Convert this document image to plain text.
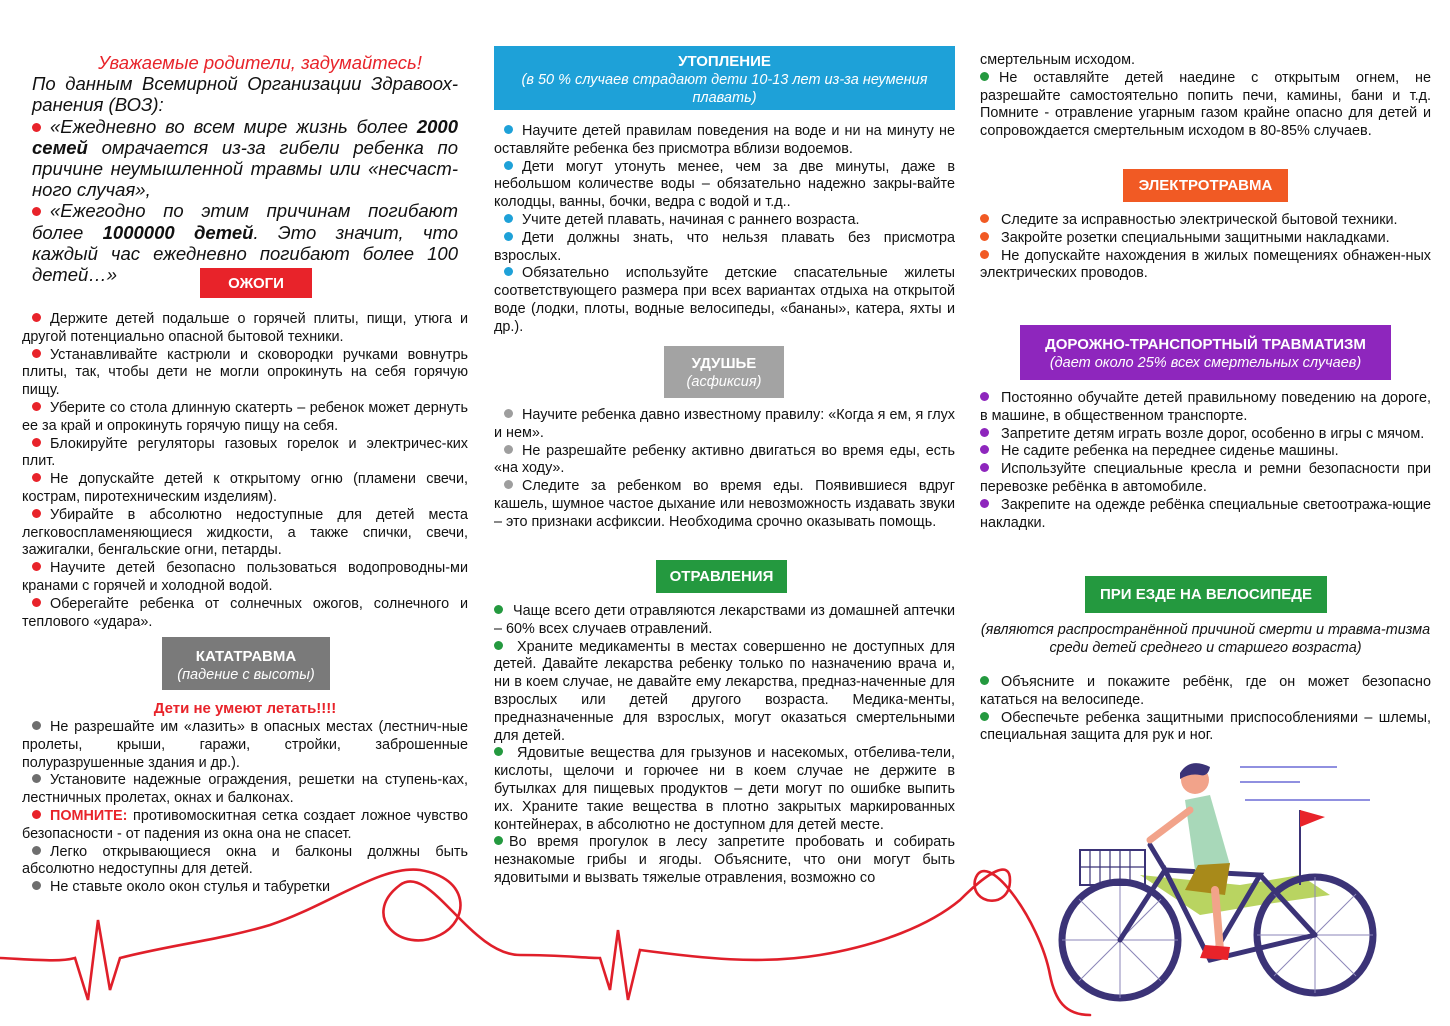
Уважаемые родители, задумайтесь!

По данным Всемирной Организации Здравоох-ранения (ВОЗ):

«Ежедневно во всем мире жизнь более 2000 семей омрачается из-за гибели ребенка по причине неумышленной травмы или «несчаст-ного случая»,

«Ежегодно по этим причинам погибают более 1000000 детей. Это значит, что каждый час ежедневно погибают более 100 детей…»	ОЖОГИ

Держите детей подальше о горячей плиты, пищи, утюга и другой потенциально опасной бытовой техники.

Устанавливайте кастрюли и сковородки ручками вовнутрь плиты, так, чтобы дети не могли опрокинуть на себя горячую пищу.

Уберите со стола длинную скатерть – ребенок может дернуть ее за край и опрокинуть горячую пищу на себя.

Блокируйте регуляторы газовых горелок и электричес-ких плит.

Не допускайте детей к открытому огню (пламени свечи, кострам, пиротехническим изделиям).

Убирайте в абсолютно недоступные для детей места легковоспламеняющиеся жидкости, а также спички, свечи, зажигалки, бенгальские огни, петарды.

Научите детей безопасно пользоваться водопроводны-ми кранами с горячей и холодной водой.

Оберегайте ребенка от солнечных ожогов, солнечного и теплового «удара».

КАТАТРАВМА
(падение с высоты)
Дети не умеют летать!!!!

Не разрешайте им «лазить» в опасных местах (лестнич-ные пролеты, крыши, гаражи, стройки, заброшенные полуразрушенные здания и др.).

Установите надежные ограждения, решетки на ступень-ках, лестничных пролетах, окнах и балконах.

ПОМНИТЕ: противомоскитная сетка создает ложное чувство безопасности - от падения из окна она не спасет.

Легко открывающиеся окна и балконы должны быть абсолютно недоступны для детей.

Не ставьте около окон стулья и табуретки

УТОПЛЕНИЕ
(в 50 % случаев страдают дети 10-13 лет из-за неумения плавать)

Научите детей правилам поведения на воде и ни на минуту не оставляйте ребенка без присмотра вблизи водоемов.

Дети могут утонуть менее, чем за две минуты, даже в небольшом количестве воды – обязательно надежно закры-вайте колодцы, ванны, бочки, ведра с водой и т.д..

Учите детей плавать, начиная с раннего возраста.

Дети должны знать, что нельзя плавать без присмотра взрослых.

Обязательно используйте детские спасательные жилеты соответствующего размера при всех вариантах отдыха на открытой воде (лодки, плоты, водные велосипеды, «бананы», катера, яхты и др.).

УДУШЬЕ
(асфиксия)

Научите ребенка давно известному правилу: «Когда я ем, я глух и нем».

Не разрешайте ребенку активно двигаться во время еды, есть «на ходу».

Следите за ребенком во время еды. Появившиеся вдруг кашель, шумное частое дыхание или невозможность издавать звуки – это признаки асфиксии. Необходима срочно оказывать помощь.

ОТРАВЛЕНИЯ

Чаще всего дети отравляются лекарствами из домашней аптечки – 60% всех случаев отравлений.

Храните медикаменты в местах совершенно не доступных для детей. Давайте лекарства ребенку только по назначению врача и, ни в коем случае, не давайте ему лекарства, предназ-наченные для взрослых или детей другого возраста. Медика-менты, предназначенные для взрослых, могут оказаться смертельными для детей.

Ядовитые вещества для грызунов и насекомых, отбелива-тели, кислоты, щелочи и горючее ни в коем случае не держите в бутылках для пищевых продуктов – дети могут по ошибке выпить их. Храните такие вещества в плотно закрытых маркированных контейнерах, в абсолютно не доступном для детей месте.

Во время прогулок в лесу запретите пробовать и собирать незнакомые грибы и ягоды. Объясните, что они могут быть ядовитыми и вызвать тяжелые отравления, возможно со

смертельным исходом.

Не оставляйте детей наедине с открытым огнем, не разрешайте самостоятельно попить печи, камины, бани и т.д. Помните - отравление угарным газом крайне опасно для детей и сопровождается смертельным исходом в 80-85% случаев.

ЭЛЕКТРОТРАВМА

Следите за исправностью электрической бытовой техники.

Закройте розетки специальными защитными накладками.

Не допускайте нахождения в жилых помещениях обнажен-ных электрических проводов.

ДОРОЖНО-ТРАНСПОРТНЫЙ ТРАВМАТИЗМ
(дает около 25% всех смертельных случаев)

Постоянно обучайте детей правильному поведению на дороге, в машине, в общественном транспорте.

Запретите детям играть возле дорог, особенно в игры с мячом.

Не садите ребенка на переднее сиденье машины.

Используйте специальные кресла и ремни безопасности при перевозке ребёнка в автомобиле.

Закрепите на одежде ребёнка специальные светоотража-ющие накладки.

ПРИ ЕЗДЕ НА ВЕЛОСИПЕДЕ
(являются распространённой причиной смерти и травма-тизма среди детей среднего и старшего возраста)

Объясните и покажите ребёнк, где он может безопасно кататься на велосипеде.

Обеспечьте ребенка защитными приспособлениями – шлемы, специальная защита для рук и ног.
